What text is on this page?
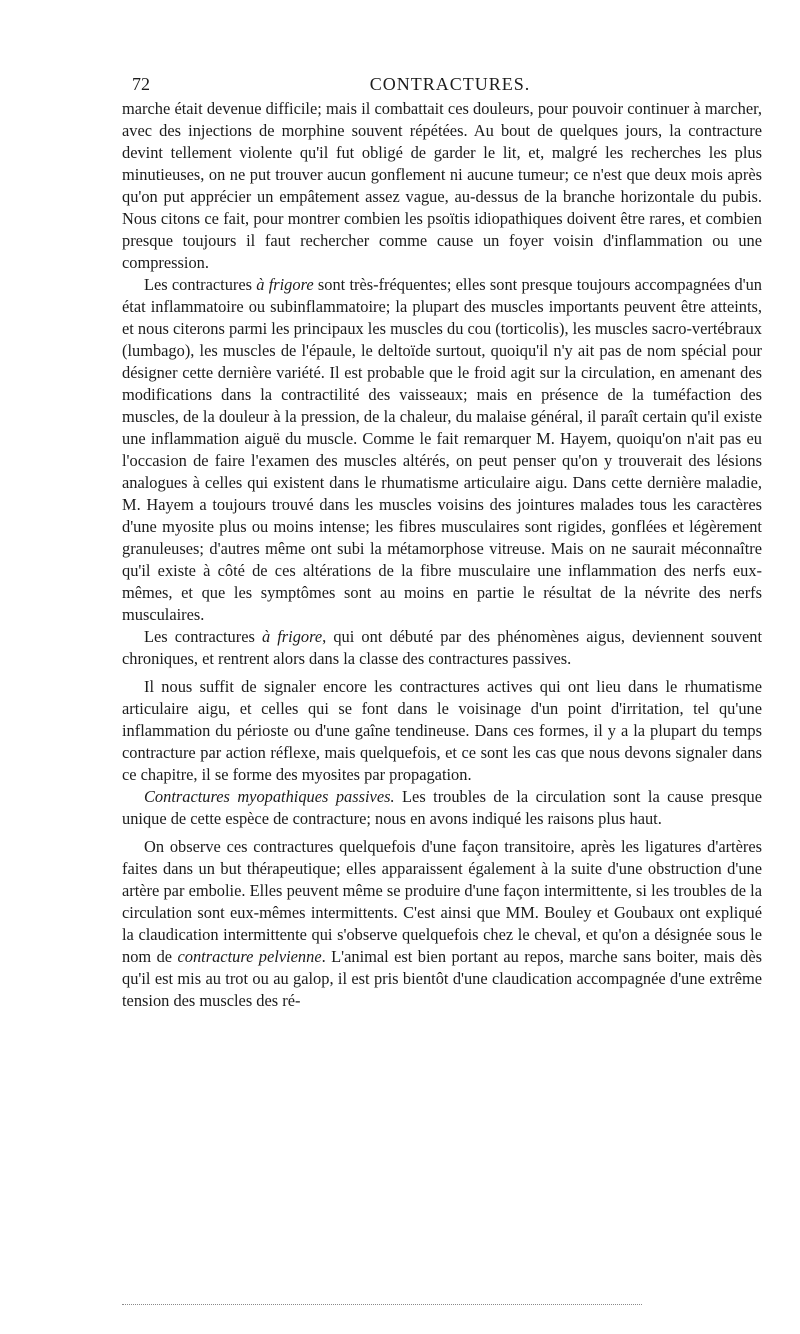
72	CONTRACTURES.

marche était devenue difficile; mais il combattait ces douleurs, pour pouvoir continuer à marcher, avec des injections de morphine souvent répétées. Au bout de quelques jours, la contracture devint tellement violente qu'il fut obligé de garder le lit, et, malgré les recherches les plus minutieuses, on ne put trouver aucun gonflement ni aucune tumeur; ce n'est que deux mois après qu'on put apprécier un empâtement assez vague, au-dessus de la branche horizontale du pubis. Nous citons ce fait, pour montrer combien les psoïtis idiopathiques doivent être rares, et combien presque toujours il faut rechercher comme cause un foyer voisin d'inflammation ou une compression.

Les contractures à frigore sont très-fréquentes; elles sont presque toujours accompagnées d'un état inflammatoire ou subinflammatoire; la plupart des muscles importants peuvent être atteints, et nous citerons parmi les principaux les muscles du cou (torticolis), les muscles sacro-vertébraux (lumbago), les muscles de l'épaule, le deltoïde surtout, quoiqu'il n'y ait pas de nom spécial pour désigner cette dernière variété. Il est probable que le froid agit sur la circulation, en amenant des modifications dans la contractilité des vaisseaux; mais en présence de la tuméfaction des muscles, de la douleur à la pression, de la chaleur, du malaise général, il paraît certain qu'il existe une inflammation aiguë du muscle. Comme le fait remarquer M. Hayem, quoiqu'on n'ait pas eu l'occasion de faire l'examen des muscles altérés, on peut penser qu'on y trouverait des lésions analogues à celles qui existent dans le rhumatisme articulaire aigu. Dans cette dernière maladie, M. Hayem a toujours trouvé dans les muscles voisins des jointures malades tous les caractères d'une myosite plus ou moins intense; les fibres musculaires sont rigides, gonflées et légèrement granuleuses; d'autres même ont subi la métamorphose vitreuse. Mais on ne saurait méconnaître qu'il existe à côté de ces altérations de la fibre musculaire une inflammation des nerfs eux-mêmes, et que les symptômes sont au moins en partie le résultat de la névrite des nerfs musculaires.

Les contractures à frigore, qui ont débuté par des phénomènes aigus, deviennent souvent chroniques, et rentrent alors dans la classe des contractures passives.

Il nous suffit de signaler encore les contractures actives qui ont lieu dans le rhumatisme articulaire aigu, et celles qui se font dans le voisinage d'un point d'irritation, tel qu'une inflammation du périoste ou d'une gaîne tendineuse. Dans ces formes, il y a la plupart du temps contracture par action réflexe, mais quelquefois, et ce sont les cas que nous devons signaler dans ce chapitre, il se forme des myosites par propagation.

Contractures myopathiques passives. Les troubles de la circulation sont la cause presque unique de cette espèce de contracture; nous en avons indiqué les raisons plus haut.

On observe ces contractures quelquefois d'une façon transitoire, après les ligatures d'artères faites dans un but thérapeutique; elles apparaissent également à la suite d'une obstruction d'une artère par embolie. Elles peuvent même se produire d'une façon intermittente, si les troubles de la circulation sont eux-mêmes intermittents. C'est ainsi que MM. Bouley et Goubaux ont expliqué la claudication intermittente qui s'observe quelquefois chez le cheval, et qu'on a désignée sous le nom de contracture pelvienne. L'animal est bien portant au repos, marche sans boiter, mais dès qu'il est mis au trot ou au galop, il est pris bientôt d'une claudication accompagnée d'une extrême tension des muscles des ré-
